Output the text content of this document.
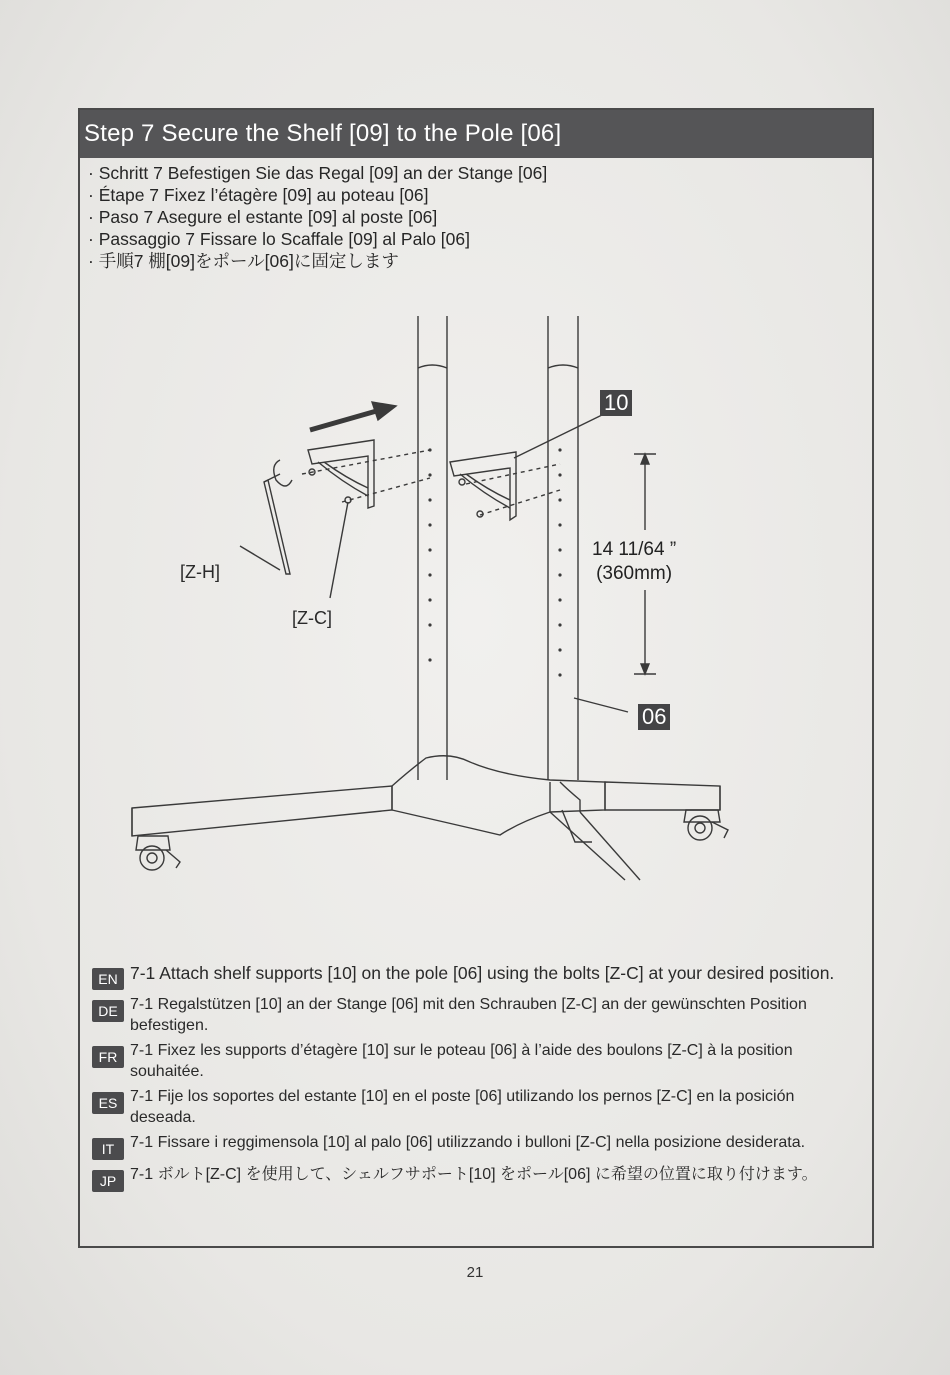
Step 7 Secure the Shelf [09] to the Pole [06]
· Schritt 7 Befestigen Sie das Regal [09] an der Stange [06]
· Étape 7 Fixez l’étagère [09] au poteau [06]
· Paso 7 Asegure el estante [09] al poste [06]
· Passaggio 7 Fissare lo Scaffale [09] al Palo [06]
· 手順7 棚[09]をポール[06]に固定します
10
06
[Z-H]
[Z-C]
14 11/64 ”
(360mm)
EN 7-1 Attach shelf supports [10] on the pole [06] using the bolts [Z-C] at your desired position.
DE 7-1 Regalstützen [10] an der Stange [06] mit den Schrauben [Z-C] an der gewünschten Position befestigen.
FR 7-1 Fixez les supports d’étagère [10] sur le poteau [06] à l’aide des boulons [Z-C] à la position souhaitée.
ES 7-1 Fije los soportes del estante [10] en el poste [06] utilizando los pernos [Z-C] en la posición deseada.
IT 7-1 Fissare i reggimensola [10] al palo [06] utilizzando i bulloni [Z-C] nella posizione desiderata.
JP 7-1 ボルト[Z-C] を使用して、シェルフサポート[10] をポール[06] に希望の位置に取り付けます。
21
